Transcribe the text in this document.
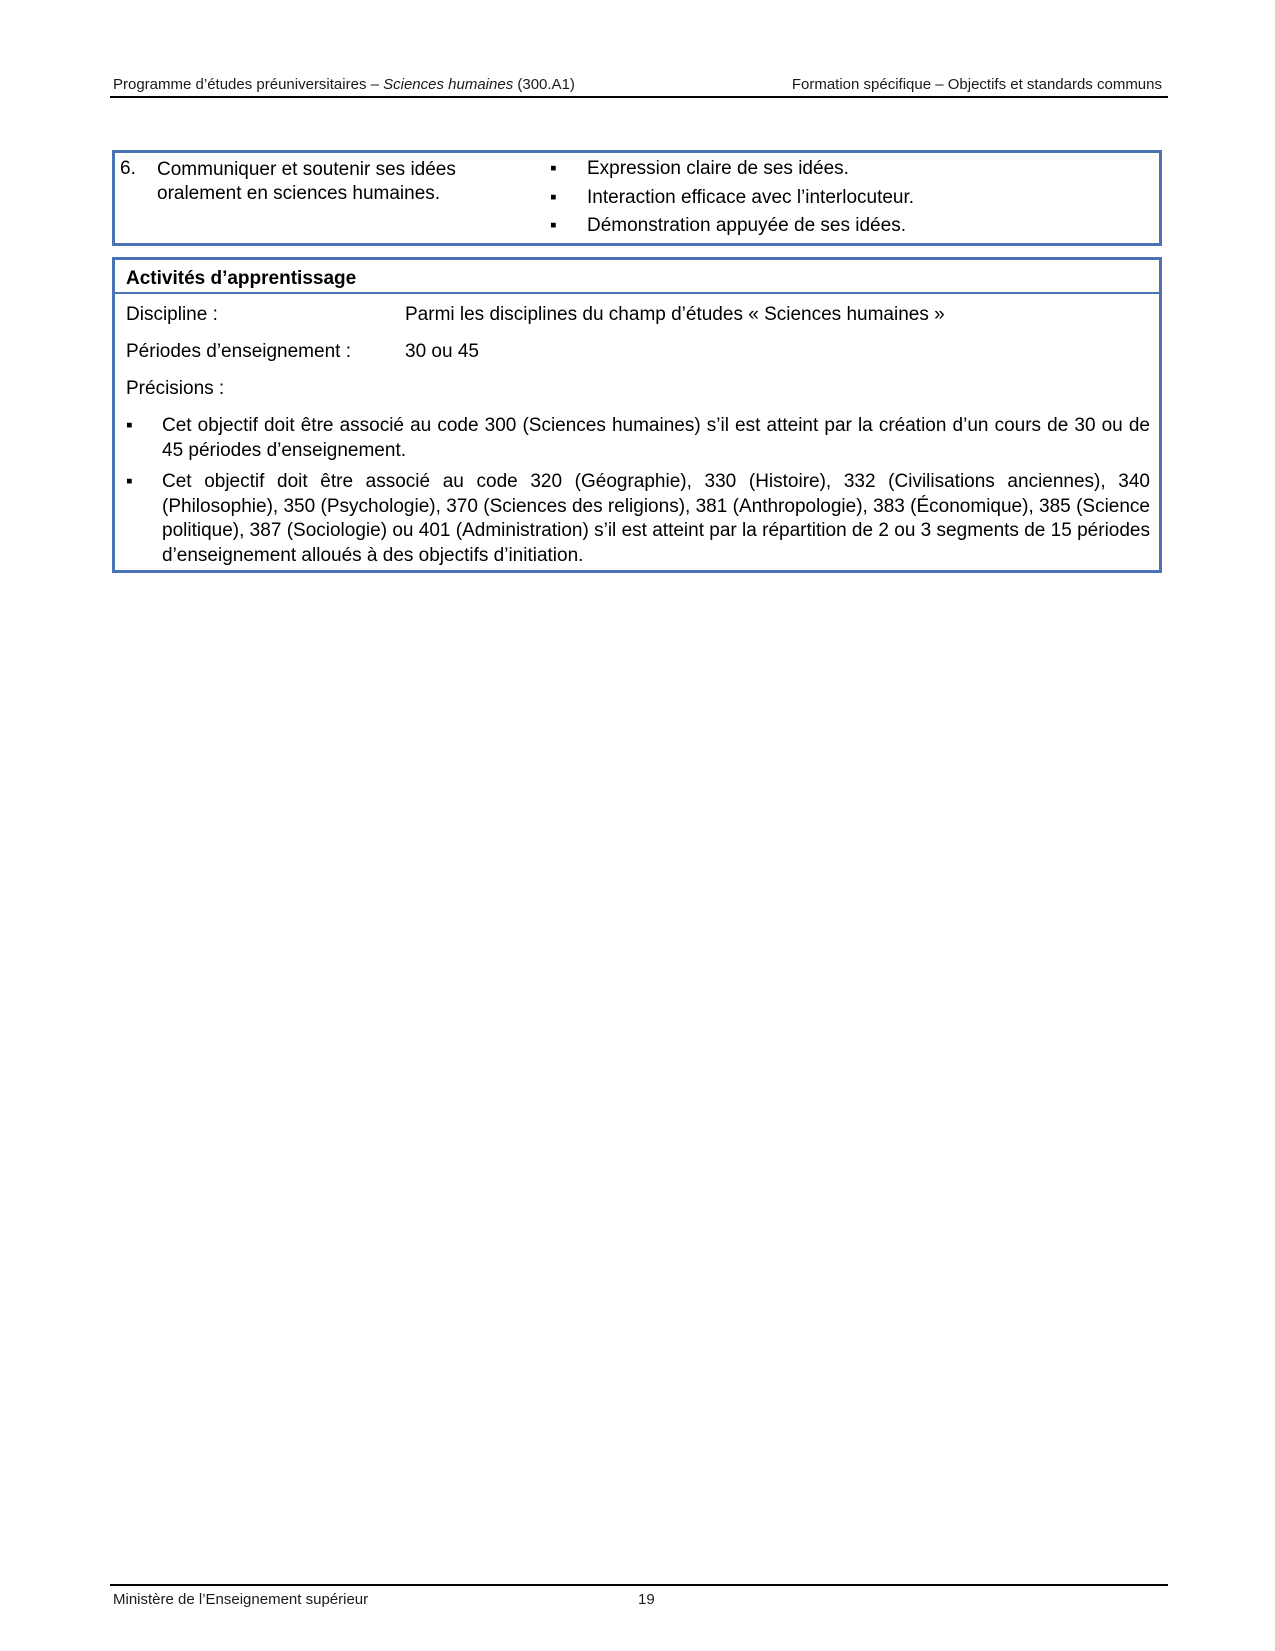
Programme d’études préuniversitaires – Sciences humaines (300.A1)	Formation spécifique – Objectifs et standards communs
6. Communiquer et soutenir ses idées oralement en sciences humaines.
▪ Expression claire de ses idées.
▪ Interaction efficace avec l’interlocuteur.
▪ Démonstration appuyée de ses idées.
Activités d’apprentissage
Discipline :	Parmi les disciplines du champ d’études « Sciences humaines »
Périodes d’enseignement :	30 ou 45
Précisions :
▪ Cet objectif doit être associé au code 300 (Sciences humaines) s’il est atteint par la création d’un cours de 30 ou de 45 périodes d’enseignement.
▪ Cet objectif doit être associé au code 320 (Géographie), 330 (Histoire), 332 (Civilisations anciennes), 340 (Philosophie), 350 (Psychologie), 370 (Sciences des religions), 381 (Anthropologie), 383 (Économique), 385 (Science politique), 387 (Sociologie) ou 401 (Administration) s’il est atteint par la répartition de 2 ou 3 segments de 15 périodes d’enseignement alloués à des objectifs d’initiation.
Ministère de l’Enseignement supérieur	19
